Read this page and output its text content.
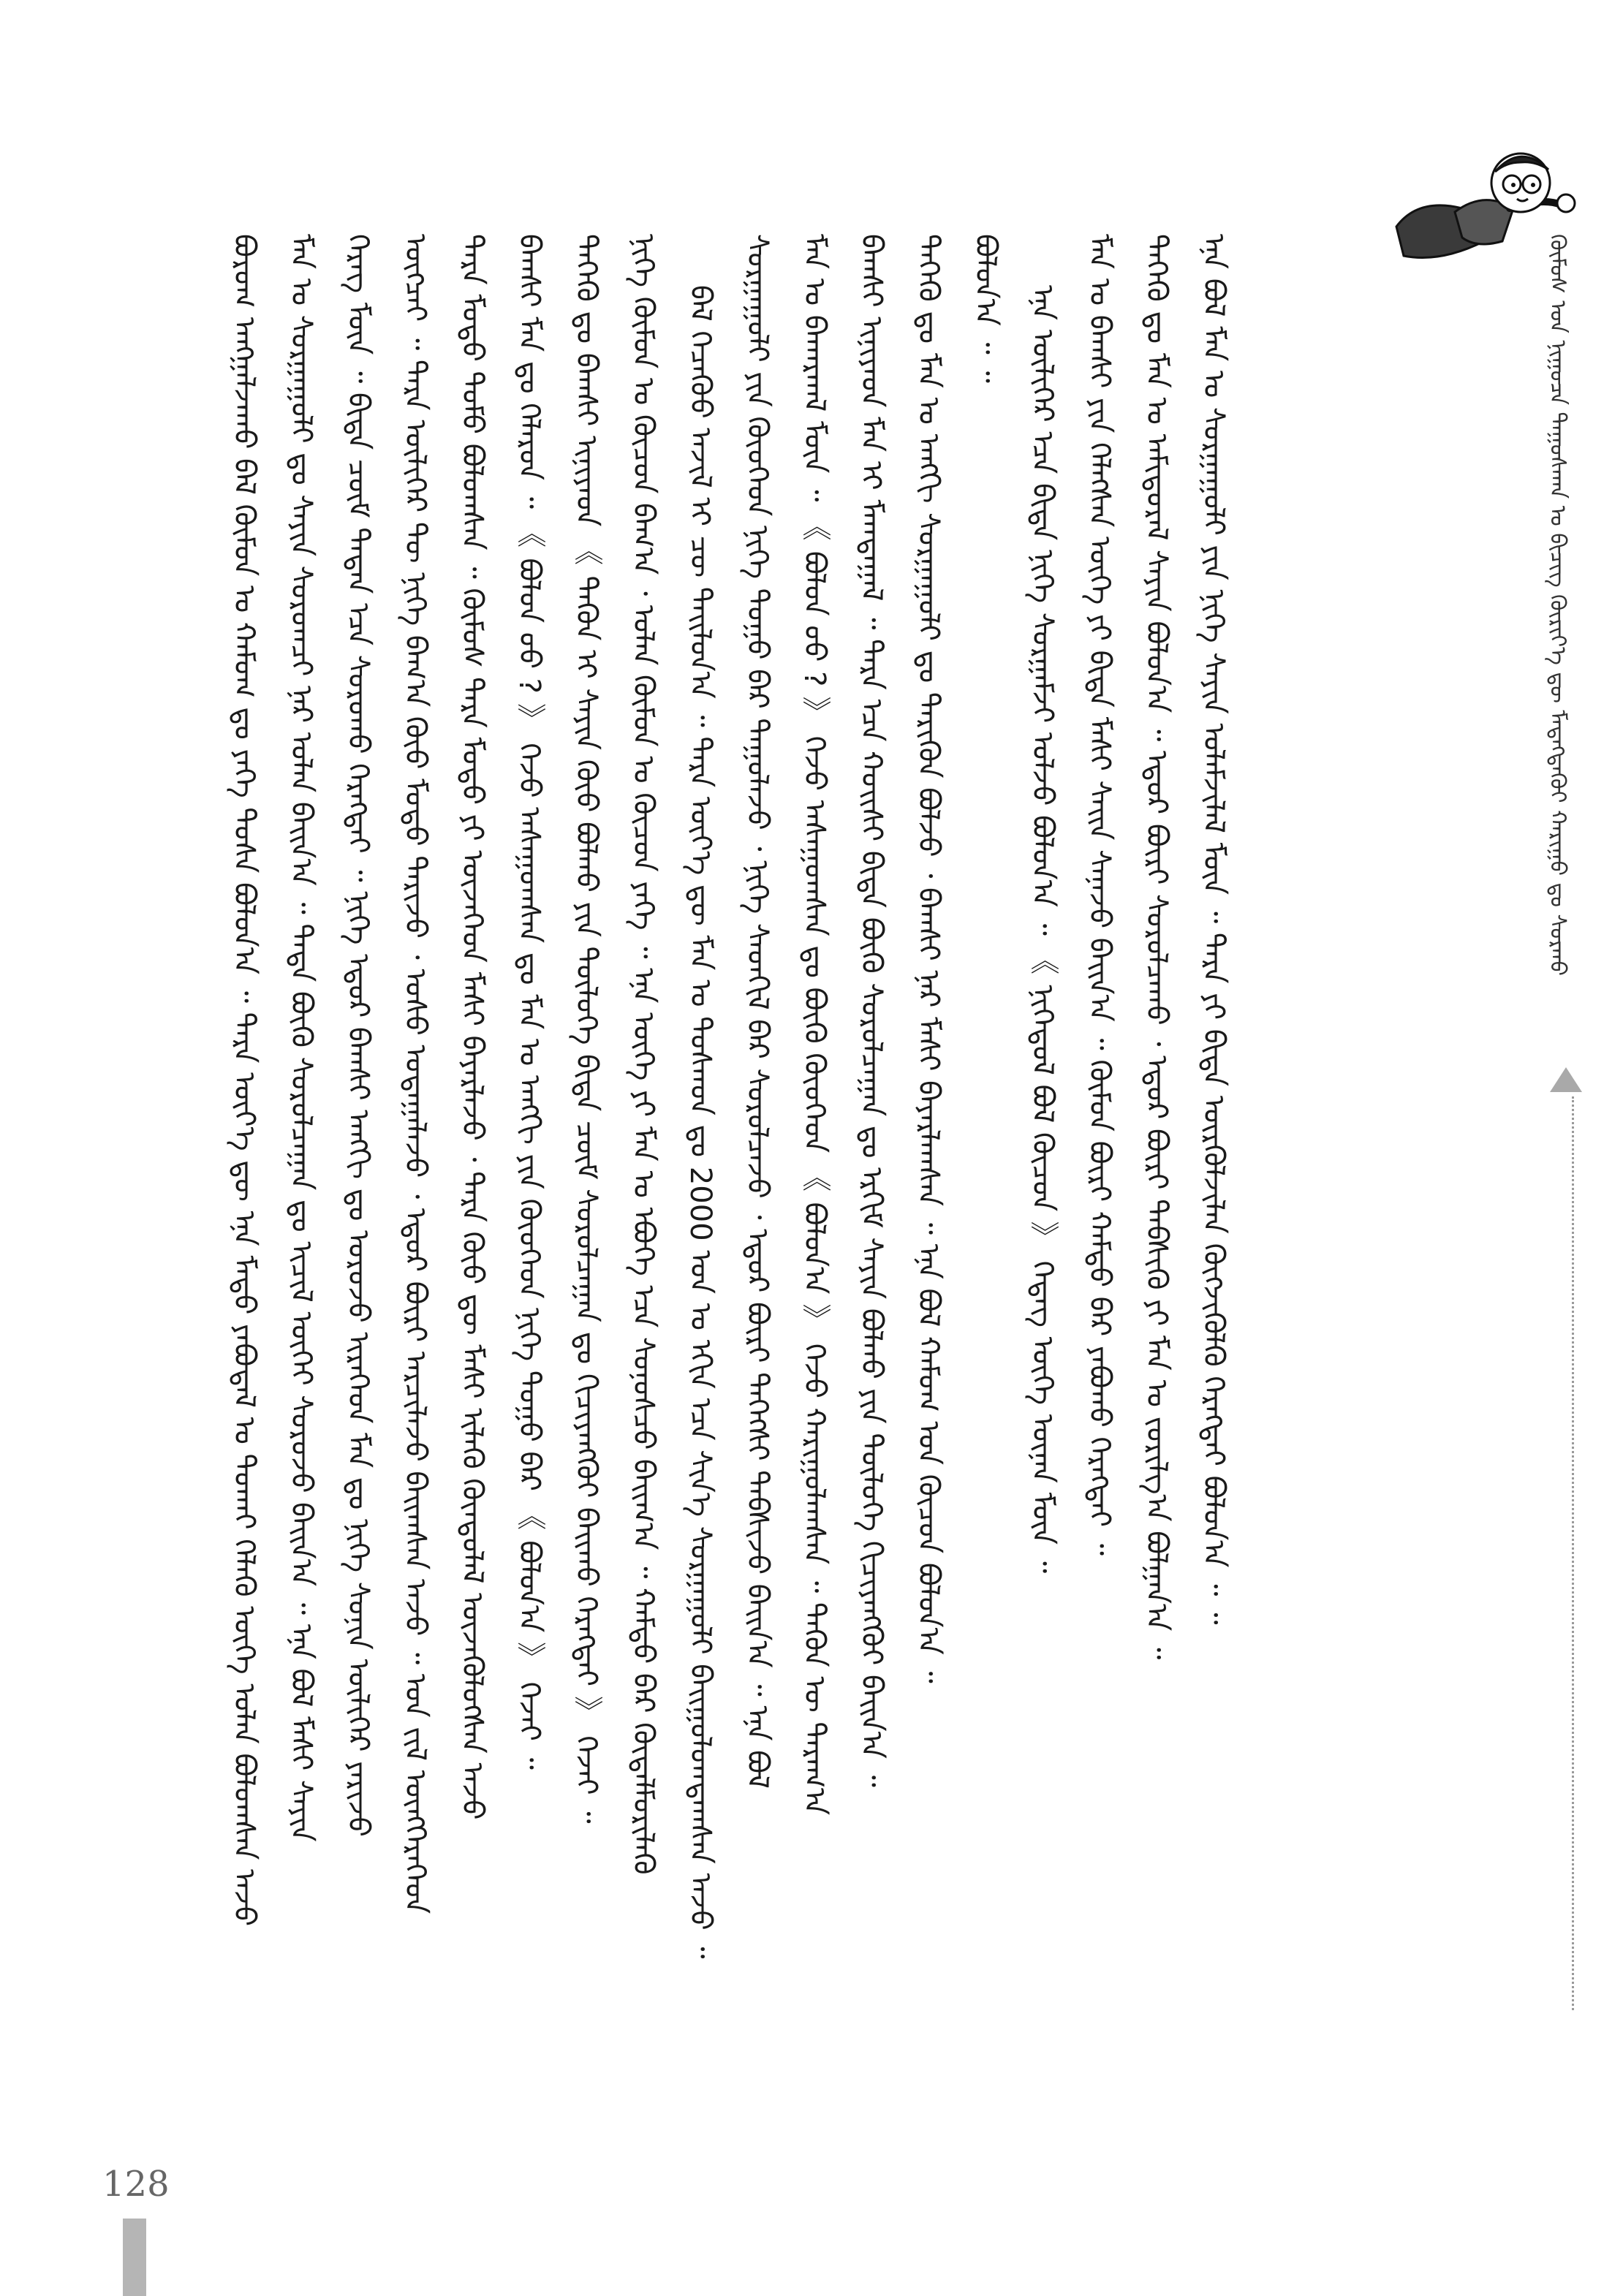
ᠪᠤᠷᠤᠭ ᠠᠩᠭᠠᠯᠵᠠᠬᠤ ᠪᠠᠯ ᠬᠦᠮᠦᠨ ᠤ ᠬᠠᠮᠤᠭ ᠳᠤ ᠶᠡᠬᠡ ᠲᠤᠰᠠ ᠪᠤᠯᠤᠨ᠎ᠠ ᠃ ᠲᠡᠷᠡ ᠦᠶ᠎ᠡ ᠳᠦ ᠡᠨᠡ ᠮᠡᠲᠦ ᠶᠠᠪᠤᠳᠠᠯ ᠤ ᠲᠤᠬᠠᠢ ᠬᠡᠯᠡᠬᠦ ᠦᠭᠡ ᠣᠯᠠᠨ ᠪᠣᠯᠤᠭᠰᠠᠨ ᠠᠵᠤ ᠮᠠᠨ ᠤ ᠰᠤᠷᠭᠠᠭᠤᠯᠢ ᠳᠤ ᠰᠠᠶᠢᠨ ᠰᠤᠷᠤᠭᠴᠢ ᠨᠠᠷ ᠣᠯᠠᠨ ᠪᠠᠢᠨ᠎ᠠ ᠃ ᠲᠡᠳᠡ ᠪᠦᠬᠦ ᠰᠤᠷᠤᠯᠴᠠᠭᠠᠨ ᠳᠤ ᠢᠴᠢᠯ ᠦᠭᠡᠢ ᠰᠤᠷᠤᠵᠤ ᠪᠠᠢᠨ᠎ᠠ ᠃ ᠡᠨᠡ ᠪᠣᠯ ᠮᠠᠰᠢ ᠰᠠᠶᠢᠨ ᠬᠡᠷᠡᠭ ᠮᠥᠨ ᠃ ᠪᠢᠳᠡ ᠴᠥᠮ ᠲᠡᠳᠡᠨ ᠡᠴᠡ ᠰᠤᠷᠤᠬᠤ ᠬᠡᠷᠡᠭᠲᠡᠢ ᠃ ᠨᠢᠭᠡ ᠡᠳᠦᠷ ᠪᠠᠭᠰᠢ ᠠᠩᠭᠢ ᠳᠤ ᠣᠷᠤᠵᠤ ᠢᠷᠡᠭᠡᠳ ᠮᠠᠨ ᠳᠤ ᠨᠢᠭᠡ ᠰᠣᠨᠢᠨ ᠦᠯᠢᠭᠡᠷ ᠶᠠᠷᠢᠵᠤ ᠥᠭᠴᠡᠢ ᠃ ᠲᠡᠷᠡ ᠦᠯᠢᠭᠡᠷ ᠲᠦ ᠨᠢᠭᠡ ᠪᠠᠭ᠎ᠠ ᠬᠦᠦ ᠮᠣᠳᠤ ᠲᠠᠷᠢᠵᠤ ᠂ ᠤᠰᠤ ᠤᠳᠠᠭᠠᠯᠠᠵᠤ ᠂ ᠡᠳᠦᠷ ᠪᠦᠷᠢ ᠠᠷᠴᠢᠯᠠᠵᠤ ᠪᠠᠢᠭᠰᠠᠨ ᠠᠵᠤ ᠃ ᠣᠨ ᠵᠢᠯ ᠥᠩᠭᠡᠷᠡᠭᠡᠳ ᠲᠡᠷᠡ ᠮᠣᠳᠤ ᠲᠣᠮᠣ ᠪᠣᠯᠤᠭᠰᠠᠨ ᠃ ᠬᠦᠮᠦᠰ ᠲᠡᠷᠡ ᠮᠣᠳᠤ ᠶᠢ ᠦᠵᠡᠭᠡᠳ ᠮᠠᠰᠢ ᠪᠠᠶᠠᠷᠯᠠᠵᠤ ᠂ ᠲᠡᠷᠡ ᠬᠦᠦ ᠳᠦ ᠮᠠᠰᠢ ᠢᠯᠡᠭᠦ ᠬᠦᠨᠳᠦᠯᠡᠯ ᠦᠵᠡᠭᠦᠯᠦᠭᠰᠡᠨ ᠠᠵᠤ ᠪᠠᠭᠰᠢ ᠮᠠᠨ ᠳᠤ ᠬᠡᠯᠡᠷᠦᠨ ᠃ 《 ᠪᠣᠯᠤᠨ ᠤᠤ ? 》 ᠬᠡᠵᠦ ᠠᠰᠠᠭᠤᠭᠰᠠᠨ ᠳᠤ ᠮᠠᠨ ᠤ ᠠᠩᠭᠢ ᠶᠢᠨ ᠬᠦᠦᠬᠡᠳ ᠨᠢᠭᠡ ᠳᠤᠭᠤ ᠪᠡᠷ 《 ᠪᠣᠯᠤᠨ᠎ᠠ 》 ᠬᠡᠵᠡᠢ ᠃ ᠲᠡᠭᠡᠬᠦ ᠳᠤ ᠪᠠᠭᠰᠢ ᠢᠨᠢᠶᠡᠳ 《 ᠲᠡᠭᠦᠨ ᠢ ᠰᠠᠶᠢᠨ ᠬᠦᠦ ᠪᠣᠯᠬᠤ ᠶᠢᠨ ᠲᠥᠯᠦᠭᠡ ᠪᠢᠳᠡ ᠴᠥᠮ ᠰᠤᠷᠤᠯᠴᠠᠭᠠᠨ ᠳᠤ ᠬᠢᠴᠢᠶᠡᠩᠭᠦᠢ ᠪᠠᠢᠬᠤ ᠬᠡᠷᠡᠭᠲᠡᠢ 》 ᠬᠡᠵᠡᠢ ᠃ ᠨᠢᠭᠡ ᠬᠦᠮᠦᠨ ᠤ ᠬᠦᠴᠦᠨ ᠪᠠᠭ᠎ᠠ ᠂ ᠣᠯᠠᠨ ᠬᠦᠮᠦᠨ ᠤ ᠬᠦᠴᠦᠨ ᠶᠡᠬᠡ ᠃ ᠡᠨᠡ ᠦᠭᠡ ᠶᠢ ᠮᠠᠨ ᠤ ᠡᠪᠦᠭᠡ ᠡᠴᠡ ᠰᠣᠨᠣᠰᠴᠤ ᠪᠠᠢᠭ᠎ᠠ ᠃ ᠬᠠᠮᠲᠤ ᠪᠡᠷ ᠬᠥᠳᠡᠯᠮᠦᠷᠢᠯᠡᠬᠦ ᠪᠠᠯ ᠬᠡᠴᠡᠭᠦᠦ ᠠᠵᠢᠯ ᠢ ᠴᠦ ᠳᠠᠢᠯᠤᠨ᠎ᠠ ᠃ ᠲᠡᠷᠡ ᠦᠶ᠎ᠡ ᠳᠦ ᠮᠠᠨ ᠤ ᠲᠣᠰᠬᠣᠨ ᠳᠤ 2000 ᠣᠨ ᠤ ᠡᠬᠢᠨ ᠡᠴᠡ ᠰᠢᠨ᠎ᠡ ᠰᠤᠷᠭᠠᠭᠤᠯᠢ ᠪᠠᠢᠭᠤᠯᠤᠭᠳᠠᠭᠰᠠᠨ ᠠᠵᠤ ᠃ ᠰᠤᠷᠭᠠᠭᠤᠯᠢ ᠶᠢᠨ ᠬᠦᠦᠬᠡᠳ ᠨᠢᠭᠡ ᠳᠤᠭᠤ ᠪᠡᠷ ᠳᠠᠭᠤᠯᠠᠵᠤ ᠂ ᠨᠢᠭᠡ ᠰᠡᠳᠬᠢᠯ ᠪᠡᠷ ᠰᠤᠷᠤᠯᠴᠠᠵᠤ ᠂ ᠡᠳᠦᠷ ᠪᠦᠷᠢ ᠳᠡᠭᠡᠭᠰᠢ ᠳᠡᠪᠰᠢᠵᠦ ᠪᠠᠢᠨ᠎ᠠ ᠃ ᠡᠨᠡ ᠪᠣᠯ ᠮᠠᠨ ᠤ ᠪᠠᠬᠠᠷᠬᠠᠯ ᠮᠥᠨ ᠃ 《 ᠪᠣᠯᠤᠨ ᠤᠤ ? 》 ᠬᠡᠵᠦ ᠠᠰᠠᠭᠤᠭᠰᠠᠨ ᠳᠤ ᠪᠦᠬᠦ ᠬᠦᠦᠬᠡᠳ 《 ᠪᠣᠯᠤᠨ᠎ᠠ 》 ᠬᠡᠵᠦ ᠬᠠᠷᠢᠭᠤᠯᠠᠭᠰᠠᠨ ᠃ ᠲᠡᠭᠦᠨ ᠦ ᠳᠠᠷᠠᠭ᠎ᠠ ᠪᠠᠭᠰᠢ ᠢᠨᠢᠶᠡᠳ ᠮᠠᠨ ᠢ ᠮᠠᠭᠲᠠᠭᠠᠯ ᠃ ᠲᠡᠷᠡ ᠡᠴᠡ ᠬᠣᠢᠰᠢ ᠪᠢᠳᠡ ᠪᠦᠬᠦ ᠰᠤᠷᠤᠯᠴᠠᠭᠠᠨ ᠳᠤ ᠡᠷᠬᠢᠮ ᠰᠠᠶᠢᠨ ᠪᠣᠯᠬᠤ ᠶᠢᠨ ᠲᠥᠯᠦᠭᠡ ᠬᠢᠴᠢᠶᠡᠩᠭᠦᠢ ᠪᠠᠢᠨ᠎ᠠ ᠃ ᠲᠡᠭᠡᠬᠦ ᠳᠤ ᠮᠠᠨ ᠤ ᠠᠩᠭᠢ ᠰᠤᠷᠭᠠᠭᠤᠯᠢ ᠳᠤ ᠲᠡᠷᠢᠭᠦᠨ ᠪᠣᠯᠵᠤ ᠂ ᠪᠠᠭᠰᠢ ᠨᠠᠷ ᠮᠠᠰᠢ ᠪᠠᠶᠠᠷᠯᠠᠭᠰᠠᠨ ᠃ ᠡᠨᠡ ᠪᠣᠯ ᠬᠠᠮᠤᠭ ᠤᠨ ᠬᠦᠴᠦᠨ ᠪᠣᠯᠤᠨ᠎ᠠ ᠃ ᠪᠤᠯᠤᠨ᠎ᠠ ᠃ ᠃ ᠡᠨᠡ ᠦᠯᠢᠭᠡᠷ ᠡᠴᠡ ᠪᠢᠳᠡ ᠨᠢᠭᠡ ᠰᠤᠷᠭᠠᠮᠵᠢ ᠣᠯᠵᠤ ᠪᠣᠯᠤᠨ᠎ᠠ ᠃ 《 ᠨᠢᠭᠡᠳᠦᠯ ᠪᠣᠯ ᠬᠦᠴᠦᠨ 》 ᠬᠡᠳᠡᠭ ᠦᠭᠡ ᠦᠨᠡᠨ ᠮᠥᠨ ᠃ ᠮᠠᠨ ᠤ ᠪᠠᠭᠰᠢ ᠶᠢᠨ ᠬᠡᠯᠡᠭᠰᠡᠨ ᠦᠭᠡ ᠶᠢ ᠪᠢᠳᠡ ᠮᠠᠰᠢ ᠰᠠᠢᠨ ᠰᠠᠨᠠᠵᠤ ᠪᠠᠢᠨ᠎ᠠ ᠃ ᠬᠦᠮᠦᠨ ᠪᠦᠷᠢ ᠬᠠᠮᠲᠤ ᠪᠡᠷ ᠶᠠᠪᠤᠬᠤ ᠬᠡᠷᠡᠭᠲᠡᠢ ᠃ ᠲᠡᠭᠡᠬᠦ ᠳᠤ ᠮᠠᠨ ᠤ ᠠᠮᠢᠳᠤᠷᠠᠯ ᠰᠠᠶᠢᠨ ᠪᠣᠯᠤᠨ᠎ᠠ ᠃ ᠡᠳᠦᠷ ᠪᠦᠷᠢ ᠰᠤᠷᠤᠯᠴᠠᠬᠤ ᠂ ᠡᠳᠦᠷ ᠪᠦᠷᠢ ᠳᠡᠪᠰᠢᠬᠦ ᠶᠢ ᠮᠠᠨ ᠤ ᠵᠣᠷᠢᠯᠭ᠎ᠠ ᠪᠣᠯᠭᠠᠨ᠎ᠠ ᠃ ᠡᠨᠡ ᠪᠣᠯ ᠮᠠᠨ ᠤ ᠰᠤᠷᠭᠠᠭᠤᠯᠢ ᠶᠢᠨ ᠨᠢᠭᠡ ᠰᠠᠶᠢᠨ ᠤᠯᠠᠮᠵᠢᠯᠠᠯ ᠮᠥᠨ ᠃ ᠲᠡᠷᠡ ᠶᠢ ᠪᠢᠳᠡ ᠦᠷᠬᠦᠯᠵᠢᠯᠡᠨ ᠬᠥᠭᠵᠢᠭᠦᠯᠬᠦ ᠬᠡᠷᠡᠭᠲᠡᠢ ᠪᠣᠯᠤᠨ᠎ᠠ ᠃ ᠃	ᠬᠦᠮᠦᠰ ᠤᠨ ᠨᠢᠭᠤᠴᠠ ᠳᠠᠭᠤᠰᠬᠠᠨ ᠤ ᠪᠢᠴᠢᠭ᠌ ᠬᠦᠷᠢᠶ᠎ᠡ ᠳᠦ ᠮᠡᠳᠡᠭᠳᠡᠬᠦᠢ ᠬᠠᠷᠢᠭᠤ ᠳᠤ ᠰᠤᠷᠬᠤ
128
